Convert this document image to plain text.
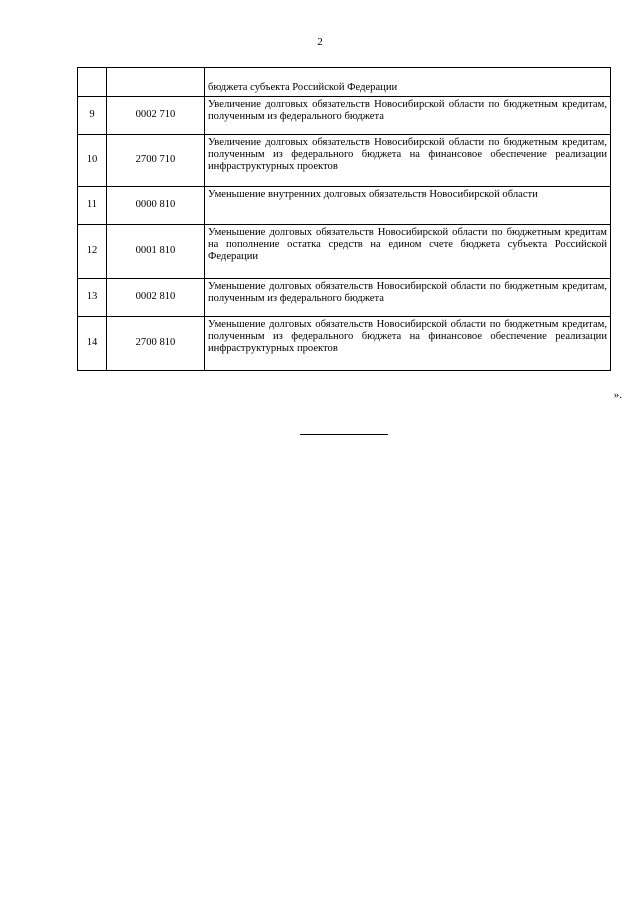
2
		бюджета субъекта Российской Федерации
9	0002 710	Увеличение долговых обязательств Новосибирской области по бюджетным кредитам, полученным из федерального бюджета
10	2700 710	Увеличение долговых обязательств Новосибирской области по бюджетным кредитам, полученным из федерального бюджета на финансовое обеспечение реализации инфраструктурных проектов
11	0000 810	Уменьшение внутренних долговых обязательств Новосибирской области
12	0001 810	Уменьшение долговых обязательств Новосибирской области по бюджетным кредитам на пополнение остатка средств на едином счете бюджета субъекта Российской Федерации
13	0002 810	Уменьшение долговых обязательств Новосибирской области по бюджетным кредитам, полученным из федерального бюджета
14	2700 810	Уменьшение долговых обязательств Новосибирской области по бюджетным кредитам, полученным из федерального бюджета на финансовое обеспечение реализации инфраструктурных проектов
».
